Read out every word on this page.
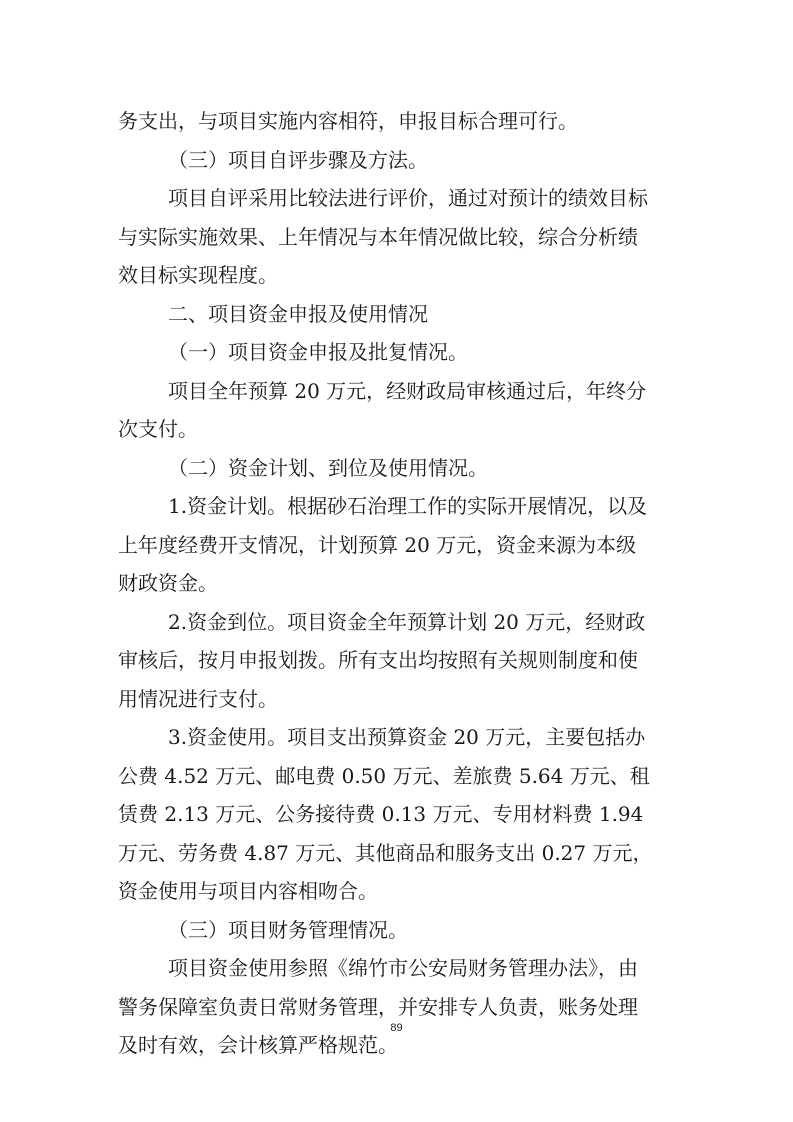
务支出，与项目实施内容相符，申报目标合理可行。
（三）项目自评步骤及方法。
项目自评采用比较法进行评价，通过对预计的绩效目标
与实际实施效果、上年情况与本年情况做比较，综合分析绩
效目标实现程度。
二、项目资金申报及使用情况
（一）项目资金申报及批复情况。
项目全年预算 20 万元，经财政局审核通过后，年终分
次支付。
（二）资金计划、到位及使用情况。
1.资金计划。根据砂石治理工作的实际开展情况，以及
上年度经费开支情况，计划预算 20 万元，资金来源为本级
财政资金。
2.资金到位。项目资金全年预算计划 20 万元，经财政
审核后，按月申报划拨。所有支出均按照有关规则制度和使
用情况进行支付。
3.资金使用。项目支出预算资金 20 万元，主要包括办
公费 4.52 万元、邮电费 0.50 万元、差旅费 5.64 万元、租
赁费 2.13 万元、公务接待费 0.13 万元、专用材料费 1.94
万元、劳务费 4.87 万元、其他商品和服务支出 0.27 万元，
资金使用与项目内容相吻合。
（三）项目财务管理情况。
项目资金使用参照《绵竹市公安局财务管理办法》，由
警务保障室负责日常财务管理，并安排专人负责，账务处理
及时有效，会计核算严格规范。
89
